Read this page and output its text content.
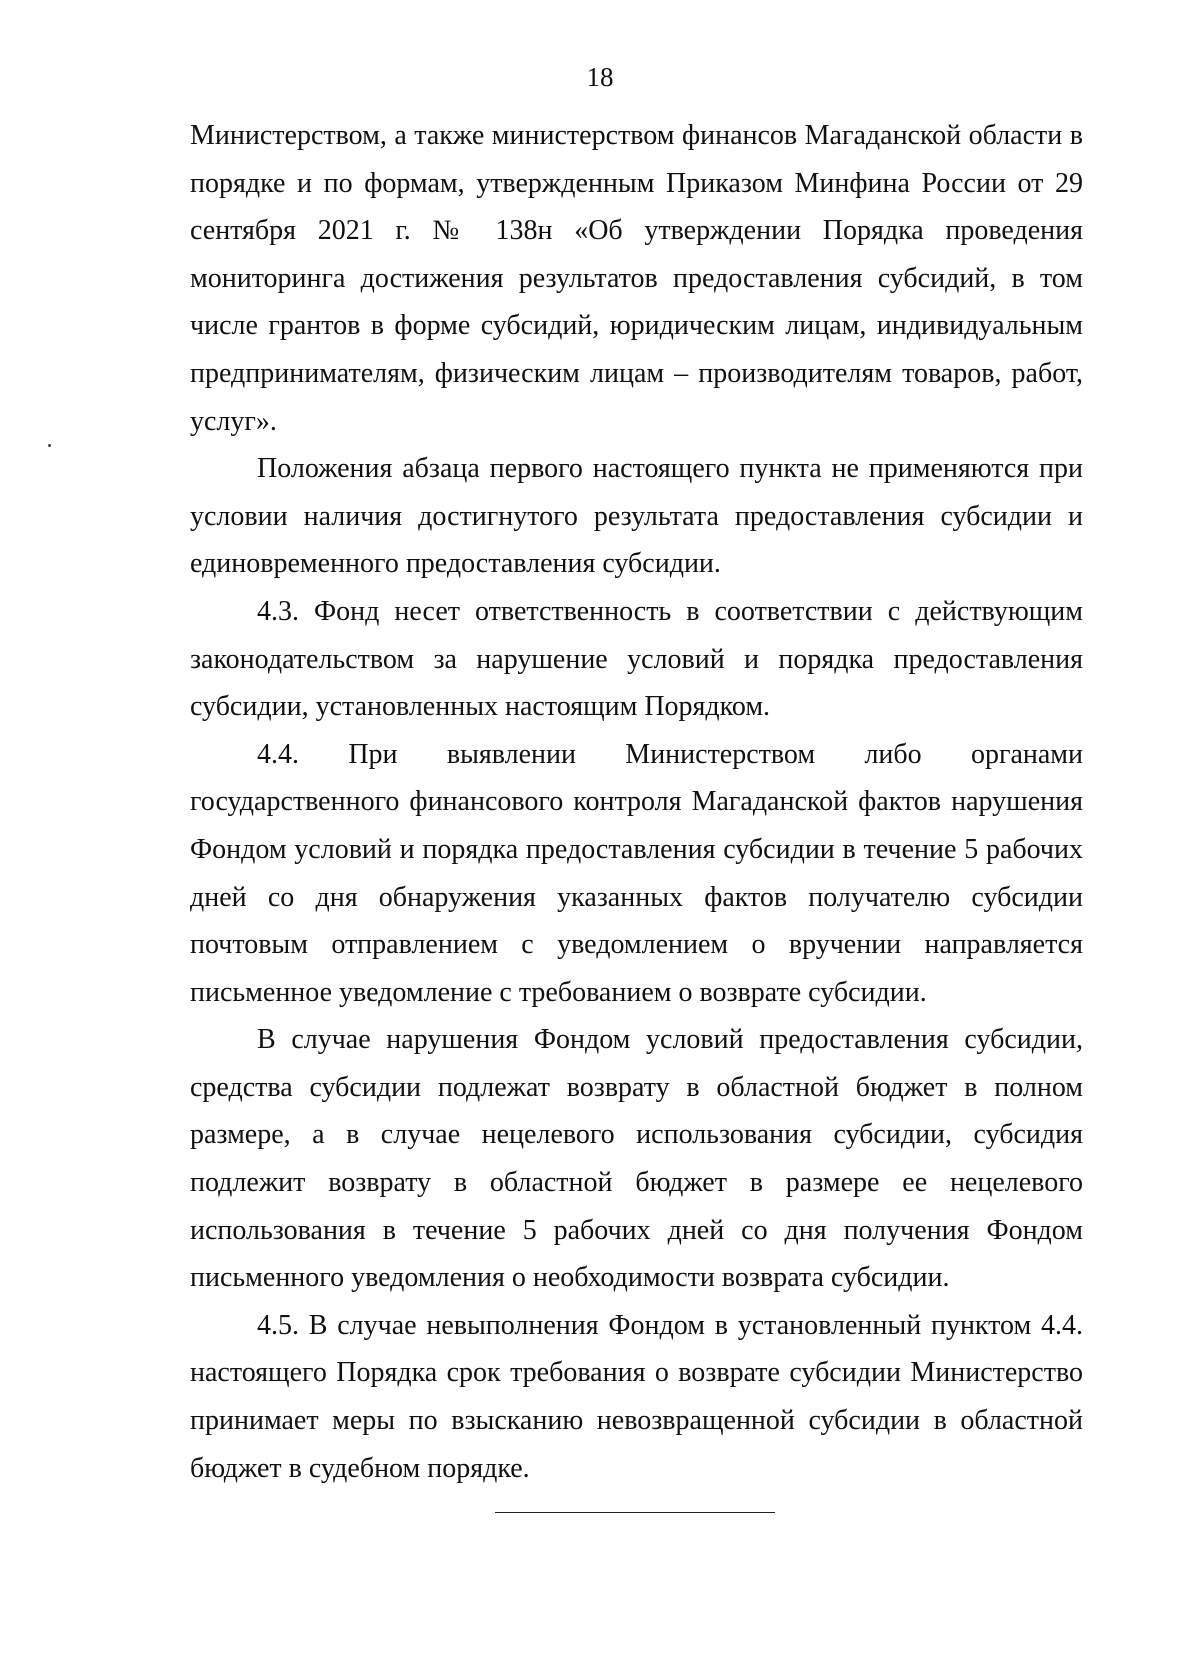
18

Министерством, а также министерством финансов Магаданской области в порядке и по формам, утвержденным Приказом Минфина России от 29 сентября 2021 г. № 138н «Об утверждении Порядка проведения мониторинга достижения результатов предоставления субсидий, в том числе грантов в форме субсидий, юридическим лицам, индивидуальным предпринимателям, физическим лицам – производителям товаров, работ, услуг».

Положения абзаца первого настоящего пункта не применяются при условии наличия достигнутого результата предоставления субсидии и единовременного предоставления субсидии.

4.3. Фонд несет ответственность в соответствии с действующим законодательством за нарушение условий и порядка предоставления субсидии, установленных настоящим Порядком.

4.4. При выявлении Министерством либо органами государственного финансового контроля Магаданской фактов нарушения Фондом условий и порядка предоставления субсидии в течение 5 рабочих дней со дня обнаружения указанных фактов получателю субсидии почтовым отправлением с уведомлением о вручении направляется письменное уведомление с требованием о возврате субсидии.

В случае нарушения Фондом условий предоставления субсидии, средства субсидии подлежат возврату в областной бюджет в полном размере, а в случае нецелевого использования субсидии, субсидия подлежит возврату в областной бюджет в размере ее нецелевого использования в течение 5 рабочих дней со дня получения Фондом письменного уведомления о необходимости возврата субсидии.

4.5. В случае невыполнения Фондом в установленный пунктом 4.4. настоящего Порядка срок требования о возврате субсидии Министерство принимает меры по взысканию невозвращенной субсидии в областной бюджет в судебном порядке.
